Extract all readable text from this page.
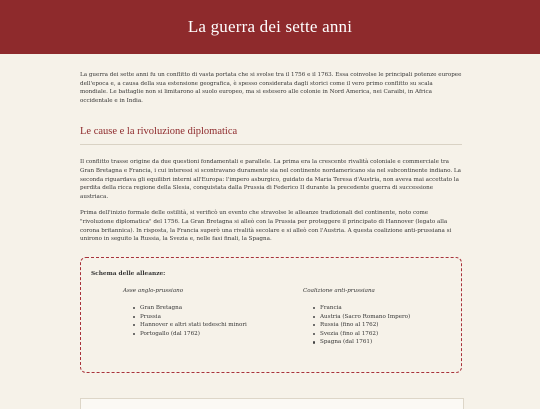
La guerra dei sette anni

La guerra dei sette anni fu un conflitto di vasta portata che si svolse tra il 1756 e il 1763. Essa coinvolse le principali potenze europee dell'epoca e, a causa della sua estensione geografica, è spesso considerata dagli storici come il vero primo conflitto su scala mondiale. Le battaglie non si limitarono al suolo europeo, ma si estesero alle colonie in Nord America, nei Caraibi, in Africa occidentale e in India.

Le cause e la rivoluzione diplomatica

Il conflitto trasse origine da due questioni fondamentali e parallele. La prima era la crescente rivalità coloniale e commerciale tra Gran Bretagna e Francia, i cui interessi si scontravano duramente sia nel continente nordamericano sia nel subcontinente indiano. La seconda riguardava gli equilibri interni all'Europa: l'impero asburgico, guidato da Maria Teresa d'Austria, non aveva mai accettato la perdita della ricca regione della Slesia, conquistata dalla Prussia di Federico II durante la precedente guerra di successione austriaca.

Prima dell'inizio formale delle ostilità, si verificò un evento che stravolse le alleanze tradizionali del continente, noto come "rivoluzione diplomatica" del 1756. La Gran Bretagna si alleò con la Prussia per proteggere il principato di Hannover (legato alla corona britannica). In risposta, la Francia superò una rivalità secolare e si alleò con l'Austria. A questa coalizione anti-prussiana si unirono in seguito la Russia, la Svezia e, nelle fasi finali, la Spagna.

Schema delle alleanze:
Asse anglo-prussiano
Gran Bretagna
Prussia
Hannover e altri stati tedeschi minori
Portogallo (dal 1762)
Coalizione anti-prussiana
Francia
Austria (Sacro Romano Impero)
Russia (fino al 1762)
Svezia (fino al 1762)
Spagna (dal 1761)
